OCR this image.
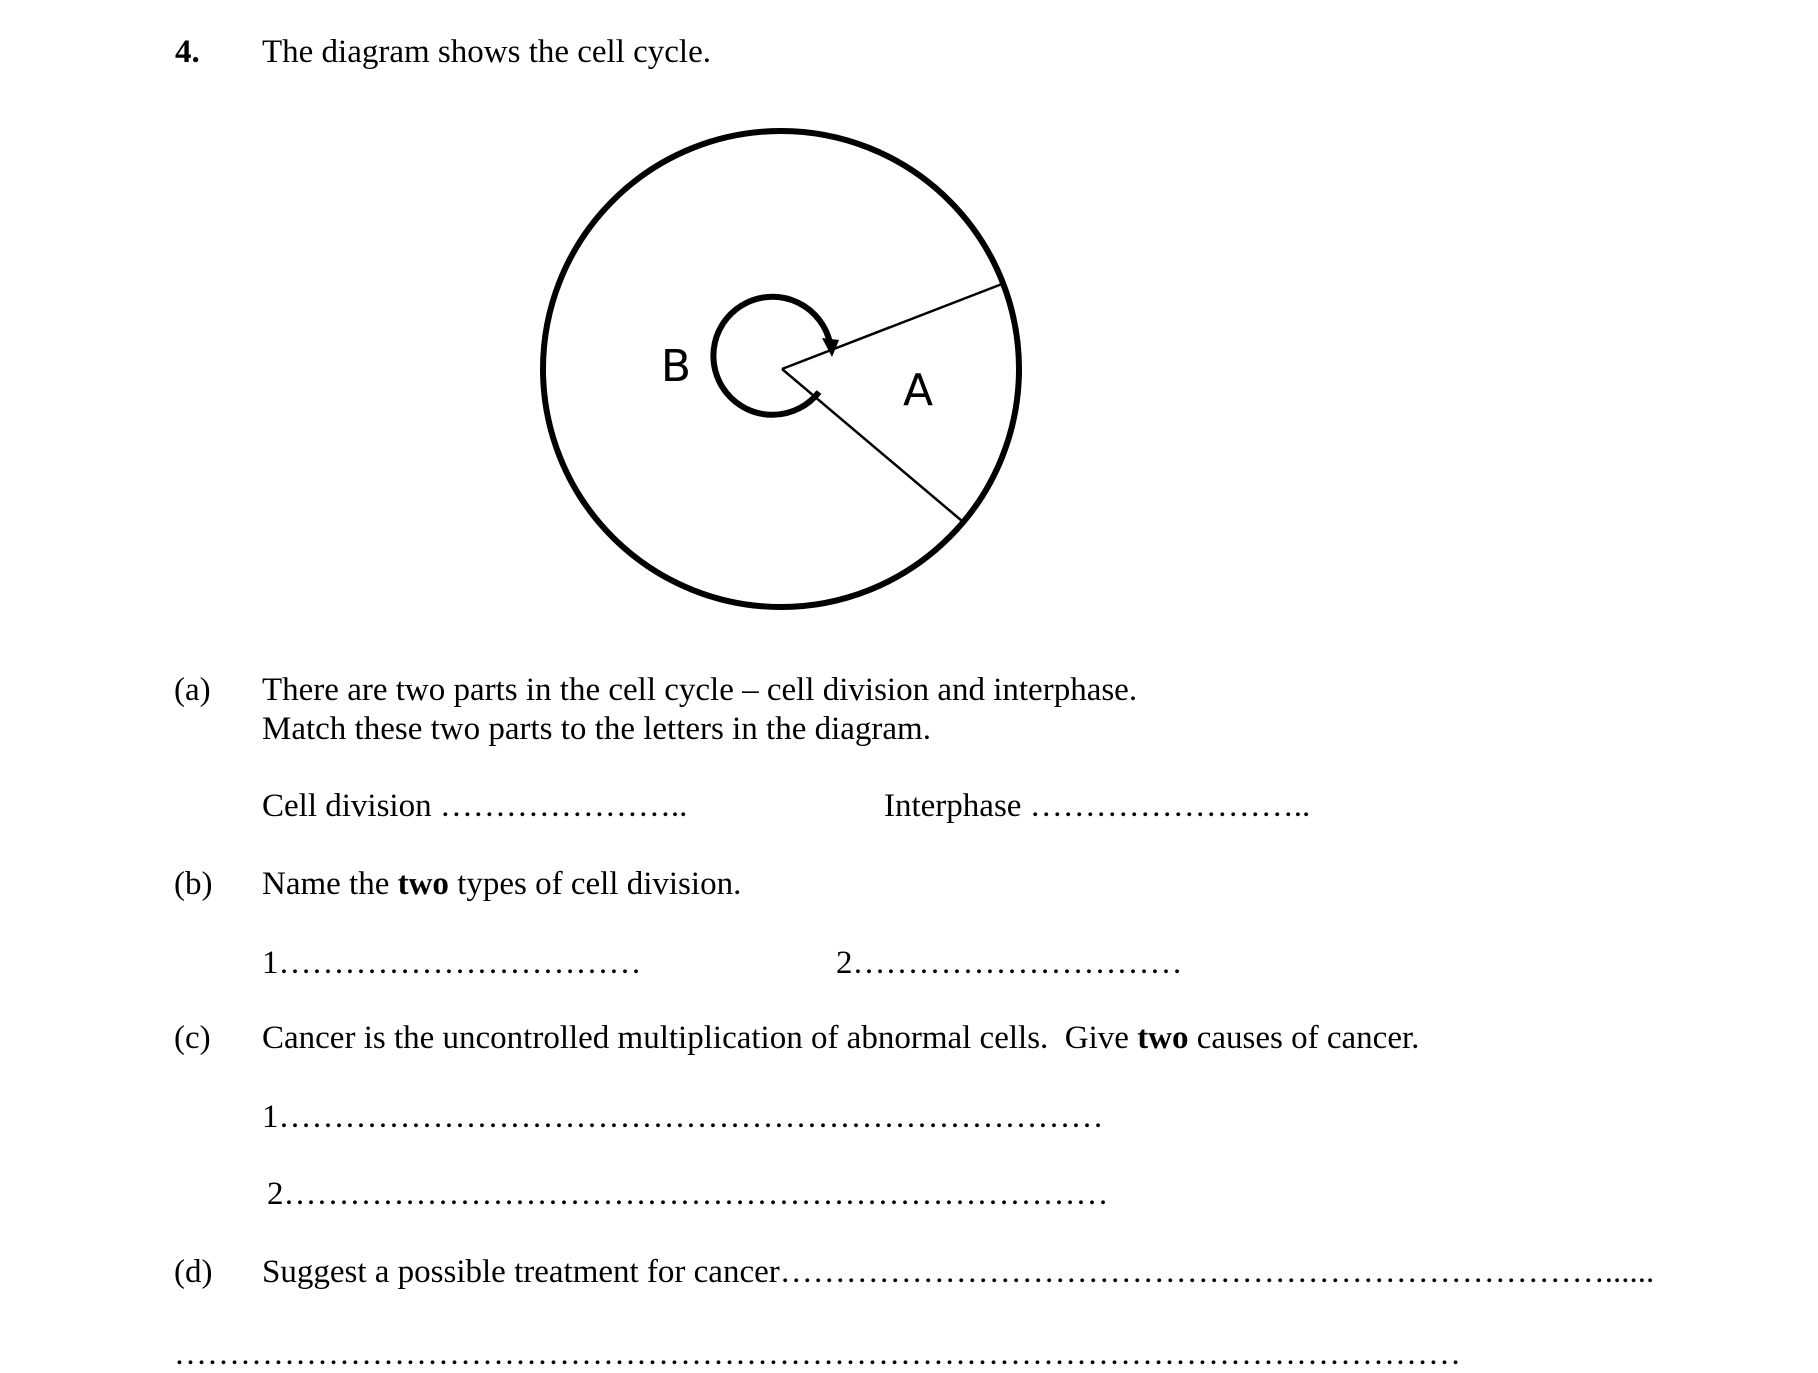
4. The diagram shows the cell cycle.
B	A
(a) There are two parts in the cell cycle – cell division and interphase.
Match these two parts to the letters in the diagram.
Cell division …………………..	Interphase ……………………..
(b) Name the two types of cell division.
1……………………………	2…………………………
(c) Cancer is the uncontrolled multiplication of abnormal cells.  Give two causes of cancer.
1…………………………………………………………………
2…………………………………………………………………
(d) Suggest a possible treatment for cancer…………………………………………………………………......
………………………………………………………………………………………………………
